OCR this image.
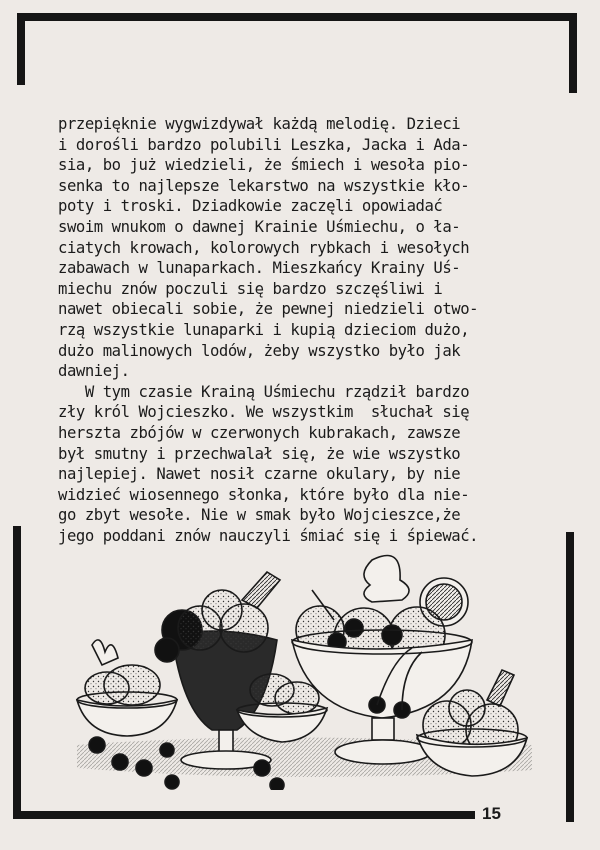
przepięknie wygwizdywał każdą melodię. Dzieci
i dorośli bardzo polubili Leszka, Jacka i Ada-
sia, bo już wiedzieli, że śmiech i wesoła pio-
senka to najlepsze lekarstwo na wszystkie kło-
poty i troski. Dziadkowie zaczęli opowiadać
swoim wnukom o dawnej Krainie Uśmiechu, o ła-
ciatych krowach, kolorowych rybkach i wesołych
zabawach w lunaparkach. Mieszkańcy Krainy Uś-
miechu znów poczuli się bardzo szczęśliwi i
nawet obiecali sobie, że pewnej niedzieli otwo-
rzą wszystkie lunaparki i kupią dzieciom dużo,
dużo malinowych lodów, żeby wszystko było jak
dawniej.
W tym czasie Krainą Uśmiechu rządził bardzo
zły król Wojcieszko. We wszystkim  słuchał się
herszta zbójów w czerwonych kubrakach, zawsze
był smutny i przechwalał się, że wie wszystko
najlepiej. Nawet nosił czarne okulary, by nie
widzieć wiosennego słonka, które było dla nie-
go zbyt wesołe. Nie w smak było Wojcieszce,że
jego poddani znów nauczyli śmiać się i śpiewać.
15
